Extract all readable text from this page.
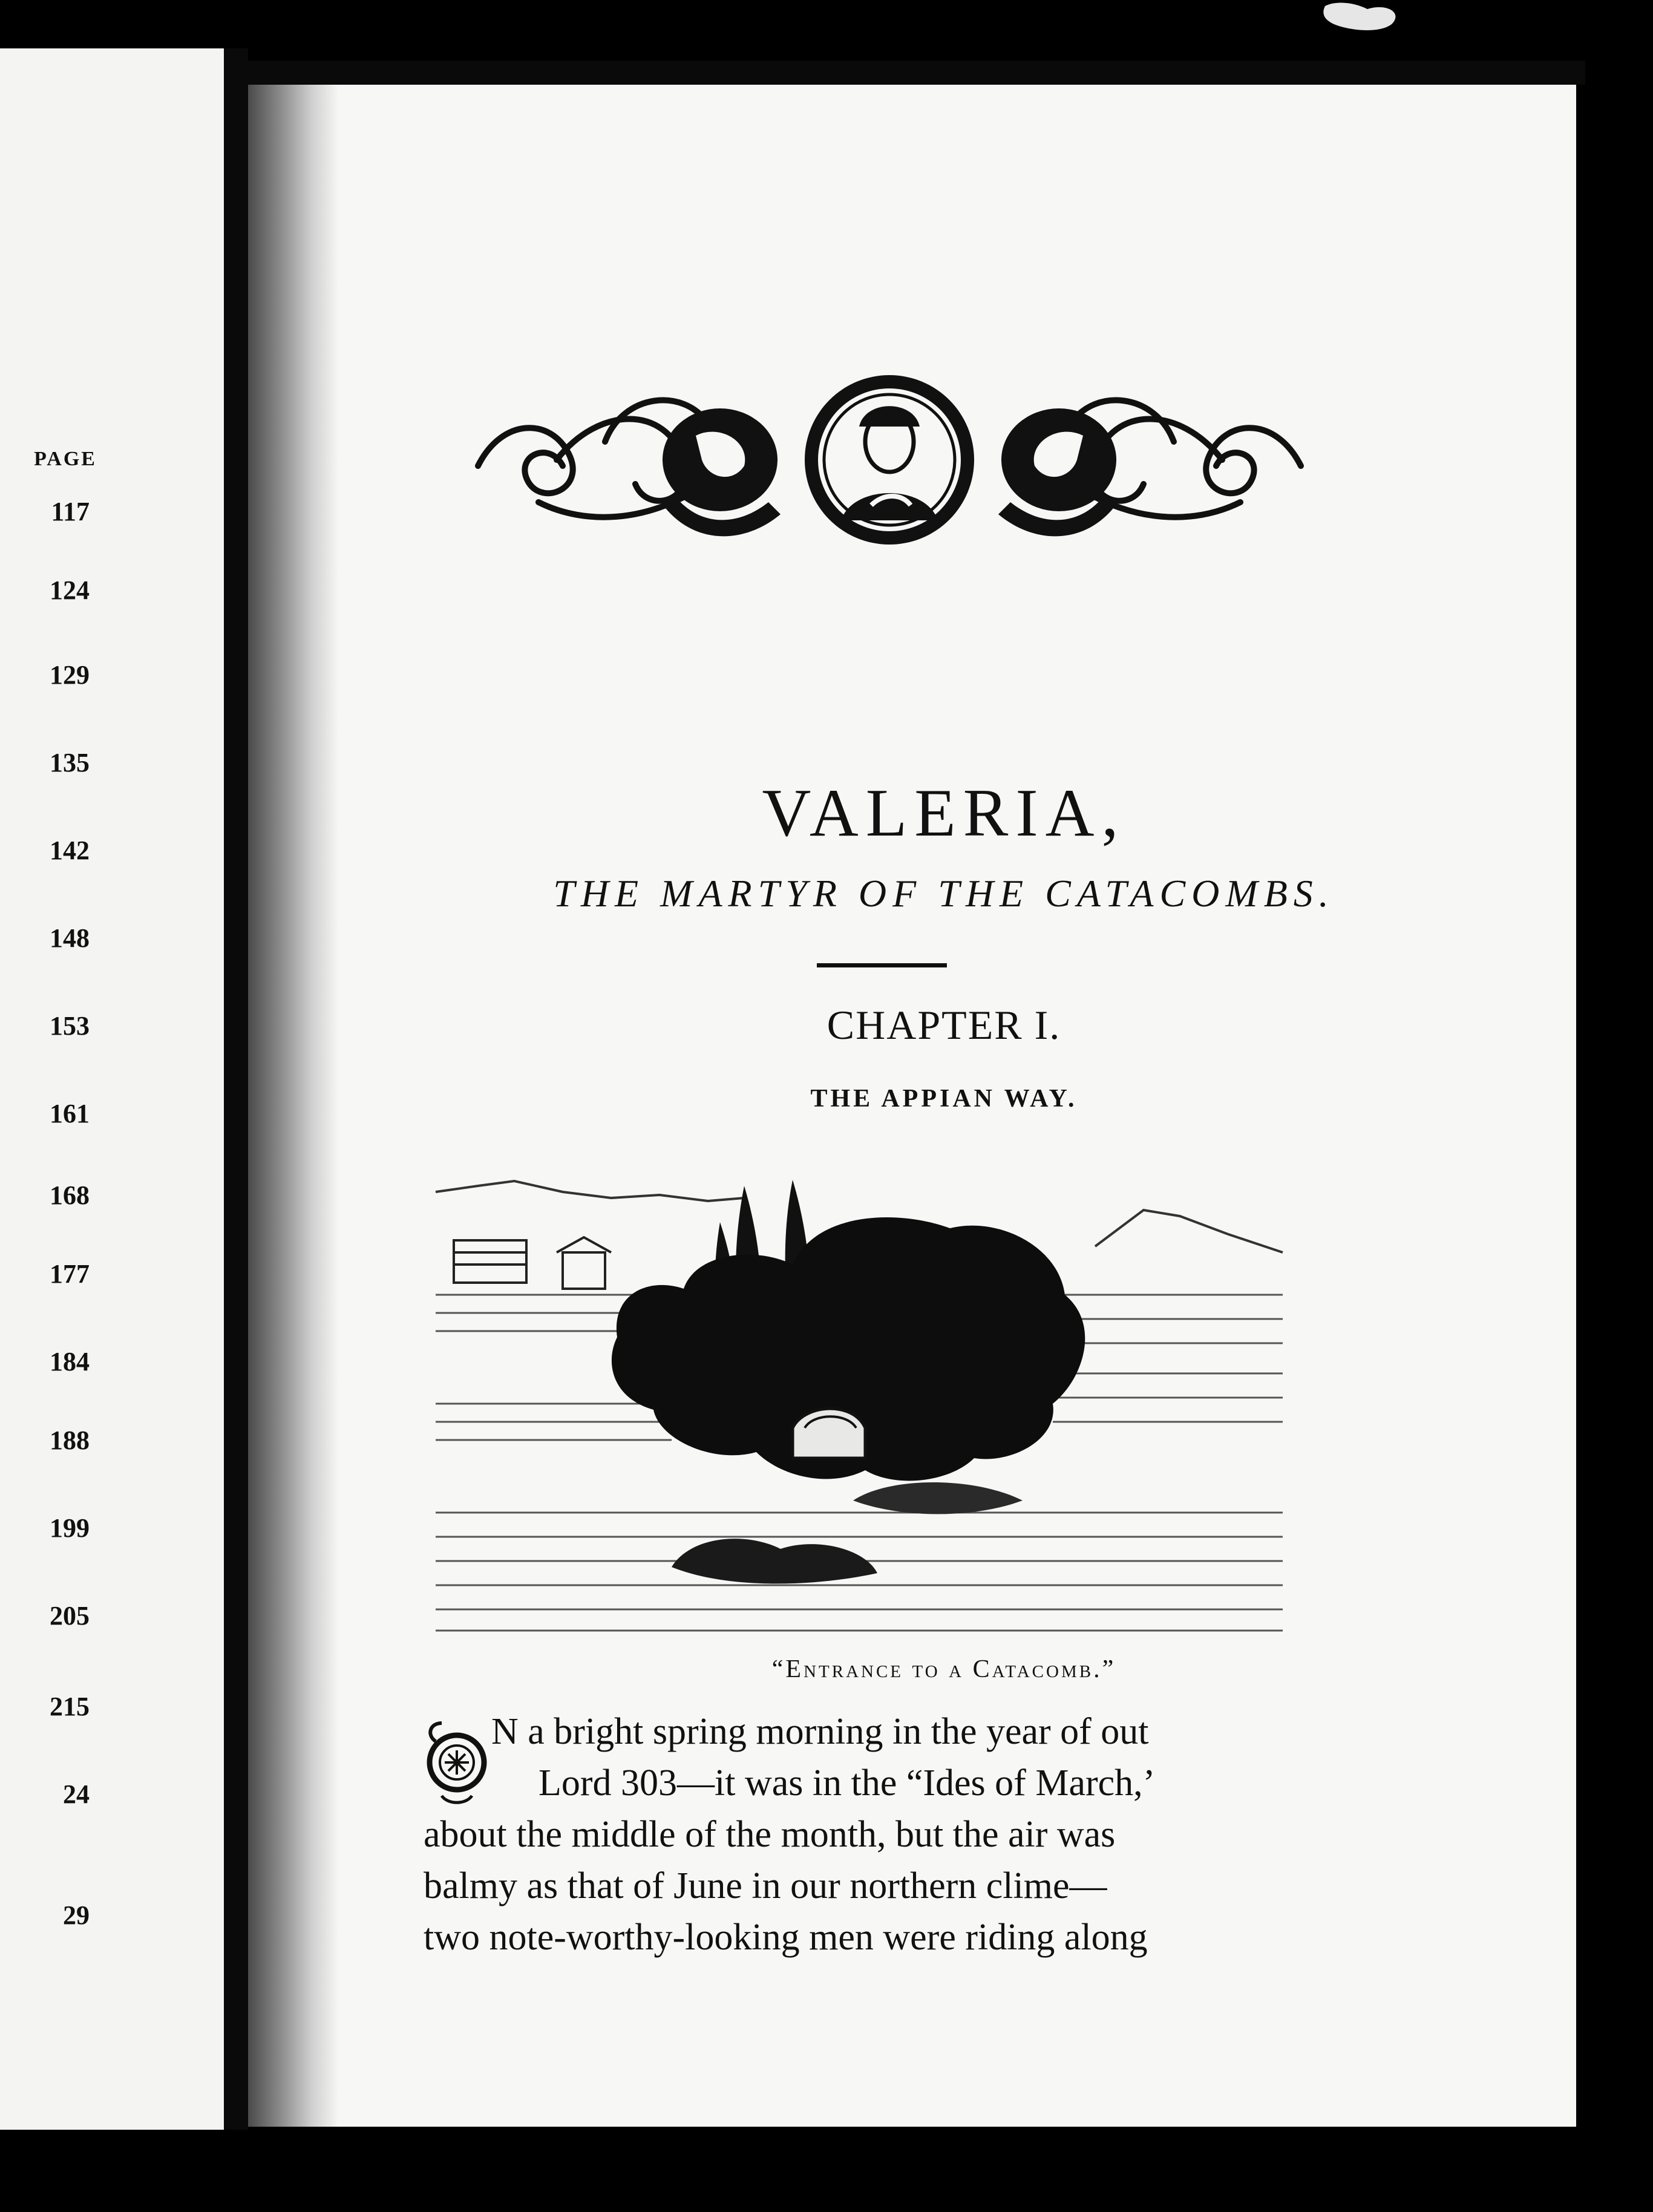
PAGE
117
124
129
135
142
148
153
161
168
177
184
188
199
205
215
24
29
VALERIA,
THE MARTYR OF THE CATACOMBS.
CHAPTER I.
THE APPIAN WAY.
“Entrance to a Catacomb.”
N a bright spring morning in the year of out
Lord 303—it was in the “Ides of March,’
about the middle of the month, but the air was
balmy as that of June in our northern clime—
two note-worthy-looking men were riding along
